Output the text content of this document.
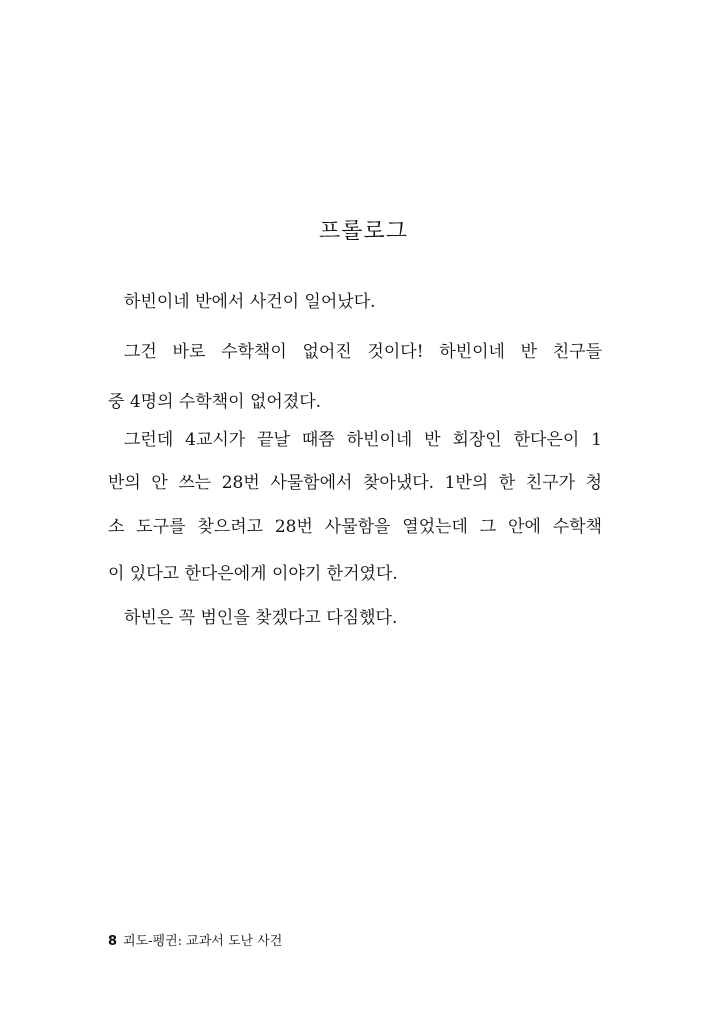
프롤로그
하빈이네 반에서 사건이 일어났다.
그건 바로 수학책이 없어진 것이다! 하빈이네 반 친구들
중 4명의 수학책이 없어졌다.
그런데 4교시가 끝날 때쯤 하빈이네 반 회장인 한다은이 1
반의 안 쓰는 28번 사물함에서 찾아냈다. 1반의 한 친구가 청
소 도구를 찾으려고 28번 사물함을 열었는데 그 안에 수학책
이 있다고 한다은에게 이야기 한거였다.
하빈은 꼭 범인을 찾겠다고 다짐했다.
8 괴도-펭귄: 교과서 도난 사건
